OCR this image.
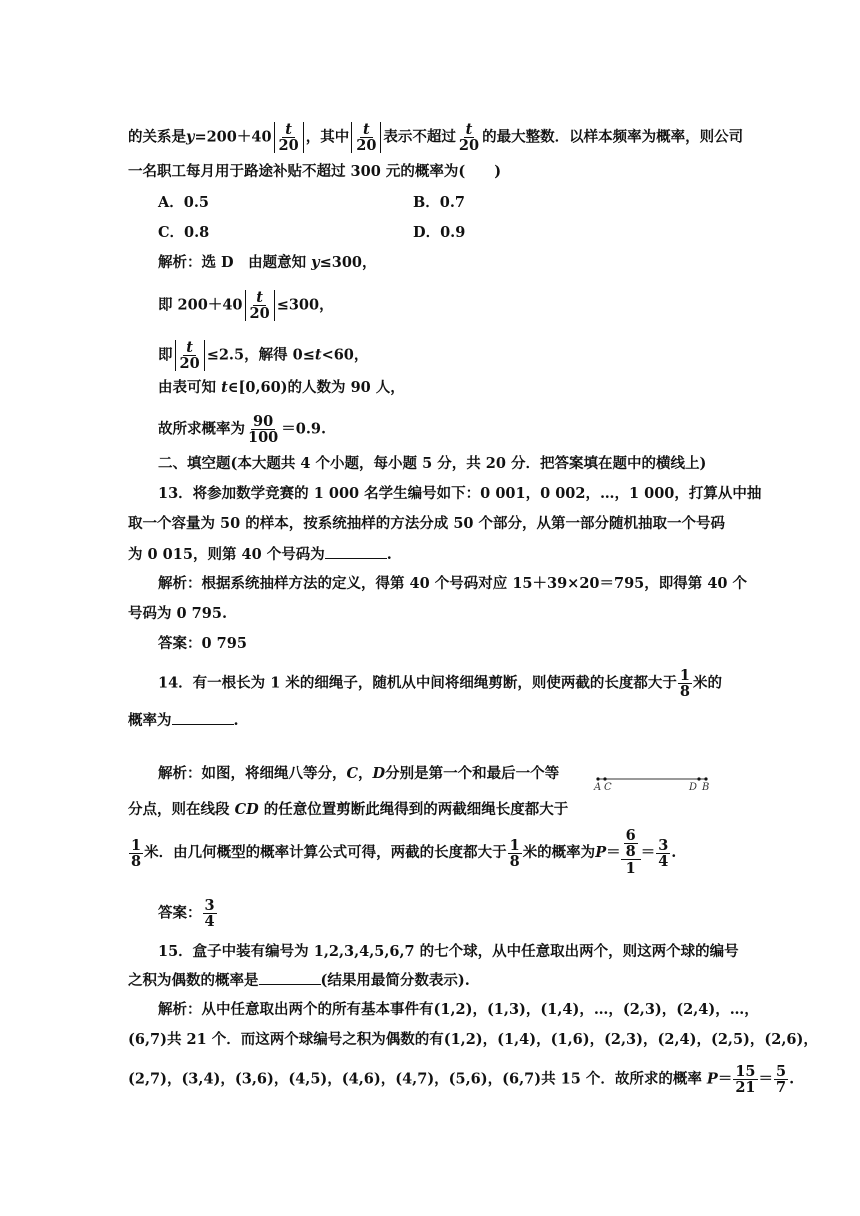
的关系是$y=200+40 \frac{t}{20}$ ，其中 $\frac{t}{20}$ 表示不超过 $\frac{t}{20}$ 的最大整数．以样本频率为概率，则公司
一名职工每月用于路途补贴不超过 300 元的概率为(　　)
A．0.5	B．0.7
C．0.8	D．0.9
解析：选 D　由题意知 y≤300，
即 $200+40 \frac{t}{20} \le 300$，
即 $\frac{t}{20} \le 2.5$，解得 0≤t<60，
由表可知 t∈[0,60)的人数为 90 人，
故所求概率为 $\frac{90}{100} =0.9$.
二、填空题(本大题共 4 个小题，每小题 5 分，共 20 分．把答案填在题中的横线上)
13．将参加数学竞赛的 1 000 名学生编号如下：0 001，0 002，…，1 000，打算从中抽
取一个容量为 50 的样本，按系统抽样的方法分成 50 个部分，从第一部分随机抽取一个号码
为 0 015，则第 40 个号码为	.
解析：根据系统抽样方法的定义，得第 40 个号码对应 15＋39×20＝795，即得第 40 个
号码为 0 795.
答案：0 795
14．有一根长为 1 米的细绳子，随机从中间将细绳剪断，则使两截的长度都大于 $\frac{1}{8}$ 米的
概率为	.
解析：如图，将细绳八等分，C，D分别是第一个和最后一个等
A C	D B
分点，则在线段 CD 的任意位置剪断此绳得到的两截细绳长度都大于
$\frac{1}{8}$ 米．由几何概型的概率计算公式可得，两截的长度都大于 $\frac{1}{8}$ 米的概率为 $P = \frac{\frac{6}{8}}{1} = \frac{3}{4}$ .
答案： $\frac{3}{4}$
15．盒子中装有编号为 1,2,3,4,5,6,7 的七个球，从中任意取出两个，则这两个球的编号
之积为偶数的概率是	(结果用最简分数表示).
解析：从中任意取出两个的所有基本事件有(1,2)，(1,3)，(1,4)，…，(2,3)，(2,4)，…，
(6,7)共 21 个．而这两个球编号之积为偶数的有(1,2)，(1,4)，(1,6)，(2,3)，(2,4)，(2,5)，(2,6)，
(2,7)，(3,4)，(3,6)，(4,5)，(4,6)，(4,7)，(5,6)，(6,7)共 15 个．故所求的概率 $P= \frac{15}{21} = \frac{5}{7}$ .
